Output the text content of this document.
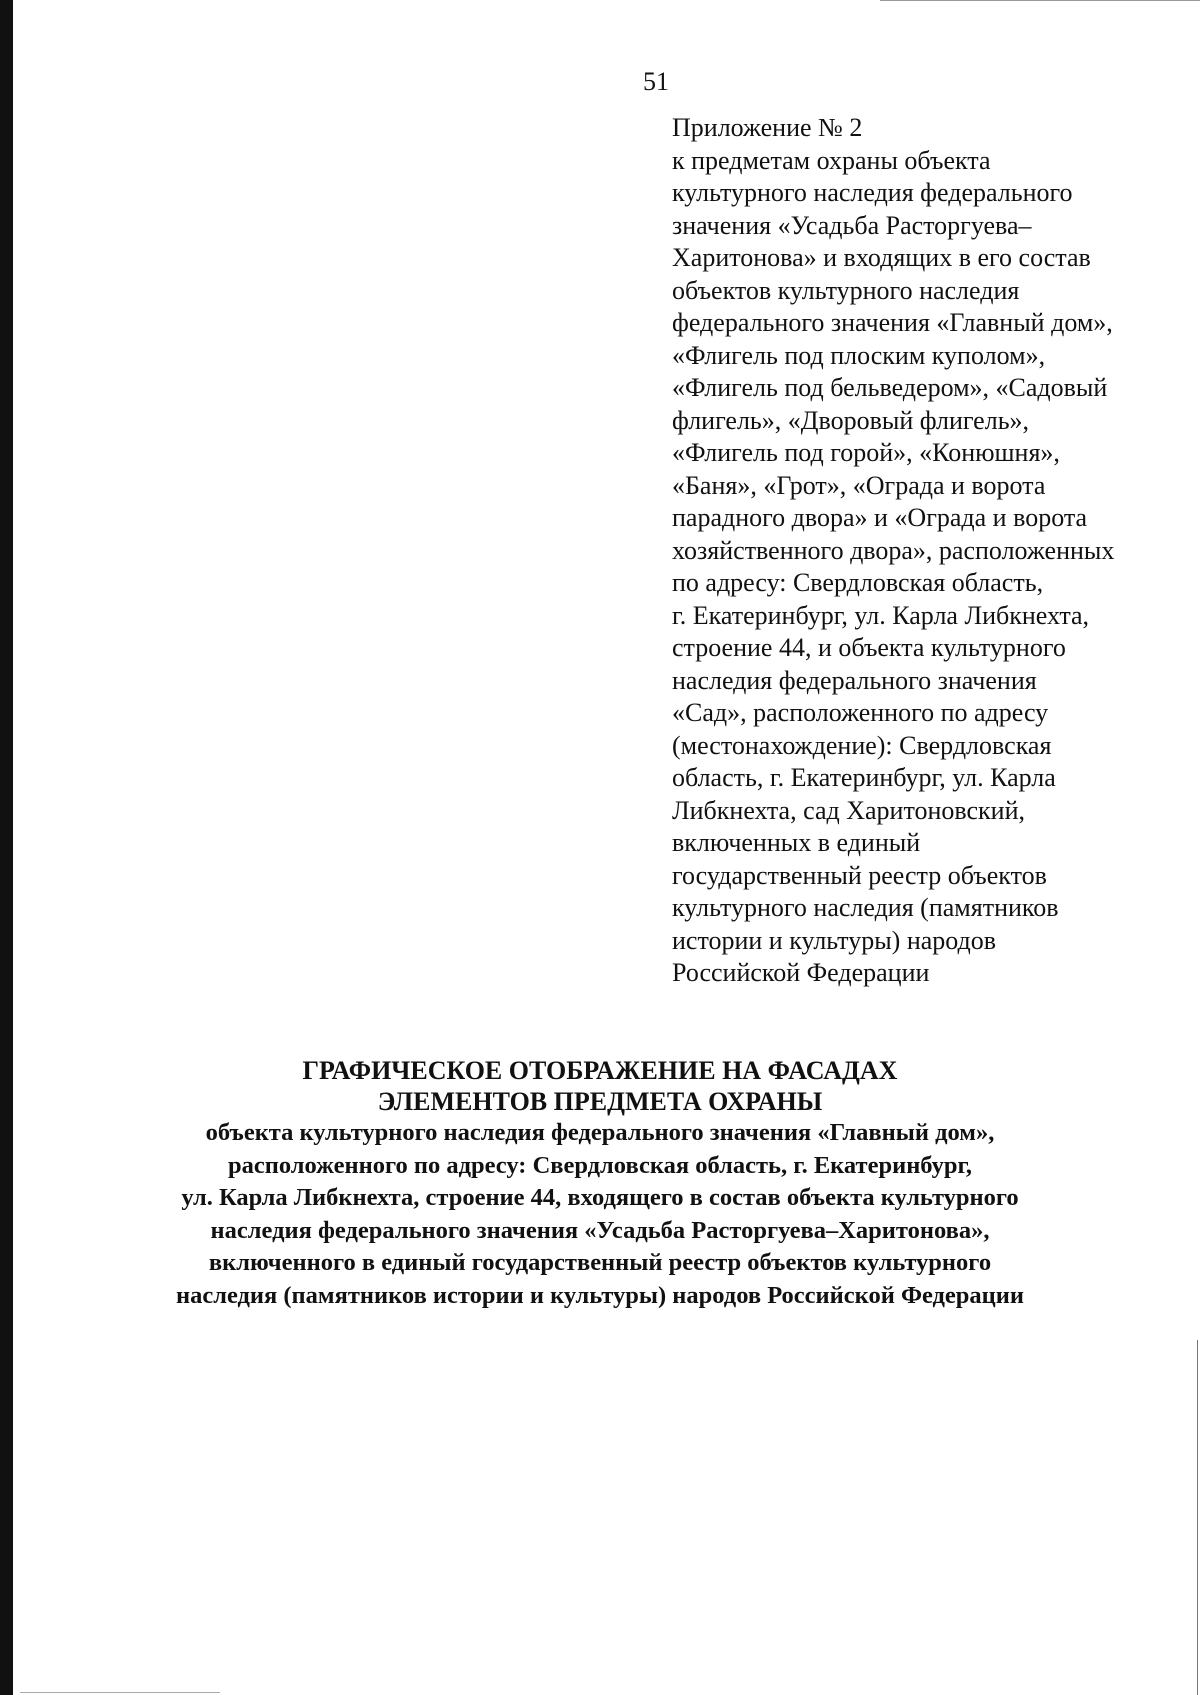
51
Приложение № 2
к предметам охраны объекта
культурного наследия федерального
значения «Усадьба Расторгуева–
Харитонова» и входящих в его состав
объектов культурного наследия
федерального значения «Главный дом»,
«Флигель под плоским куполом»,
«Флигель под бельведером», «Садовый
флигель», «Дворовый флигель»,
«Флигель под горой», «Конюшня»,
«Баня», «Грот», «Ограда и ворота
парадного двора» и «Ограда и ворота
хозяйственного двора», расположенных
по адресу: Свердловская область,
г. Екатеринбург, ул. Карла Либкнехта,
строение 44, и объекта культурного
наследия федерального значения
«Сад», расположенного по адресу
(местонахождение): Свердловская
область, г. Екатеринбург, ул. Карла
Либкнехта, сад Харитоновский,
включенных в единый
государственный реестр объектов
культурного наследия (памятников
истории и культуры) народов
Российской Федерации
ГРАФИЧЕСКОЕ ОТОБРАЖЕНИЕ НА ФАСАДАХ
ЭЛЕМЕНТОВ ПРЕДМЕТА ОХРАНЫ
объекта культурного наследия федерального значения «Главный дом»,
расположенного по адресу: Свердловская область, г. Екатеринбург,
ул. Карла Либкнехта, строение 44, входящего в состав объекта культурного
наследия федерального значения «Усадьба Расторгуева–Харитонова»,
включенного в единый государственный реестр объектов культурного
наследия (памятников истории и культуры) народов Российской Федерации
